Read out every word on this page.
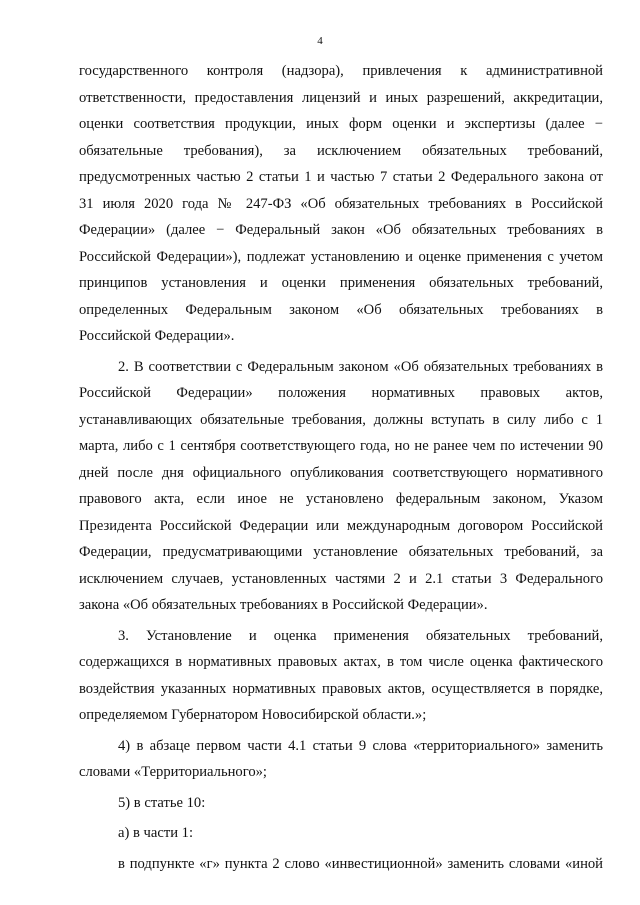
4
государственного контроля (надзора), привлечения к административной
ответственности, предоставления лицензий и иных разрешений, аккредитации,
оценки соответствия продукции, иных форм оценки и экспертизы (далее −
обязательные требования), за исключением обязательных требований,
предусмотренных частью 2 статьи 1 и частью 7 статьи 2 Федерального закона от
31 июля 2020 года № 247-ФЗ «Об обязательных требованиях в Российской
Федерации» (далее − Федеральный закон «Об обязательных требованиях в
Российской Федерации»), подлежат установлению и оценке применения с учетом
принципов установления и оценки применения обязательных требований,
определенных Федеральным законом «Об обязательных требованиях в
Российской Федерации».
2. В соответствии с Федеральным законом «Об обязательных требованиях в
Российской Федерации» положения нормативных правовых актов,
устанавливающих обязательные требования, должны вступать в силу либо с 1
марта, либо с 1 сентября соответствующего года, но не ранее чем по истечении 90
дней после дня официального опубликования соответствующего нормативного
правового акта, если иное не установлено федеральным законом, Указом
Президента Российской Федерации или международным договором Российской
Федерации, предусматривающими установление обязательных требований, за
исключением случаев, установленных частями 2 и 2.1 статьи 3 Федерального
закона «Об обязательных требованиях в Российской Федерации».
3. Установление и оценка применения обязательных требований,
содержащихся в нормативных правовых актах, в том числе оценка фактического
воздействия указанных нормативных правовых актов, осуществляется в порядке,
определяемом Губернатором Новосибирской области.»;
4) в абзаце первом части 4.1 статьи 9 слова «территориального» заменить
словами «Территориального»;
5) в статье 10:
а) в части 1:
в подпункте «г» пункта 2 слово «инвестиционной» заменить словами «иной
